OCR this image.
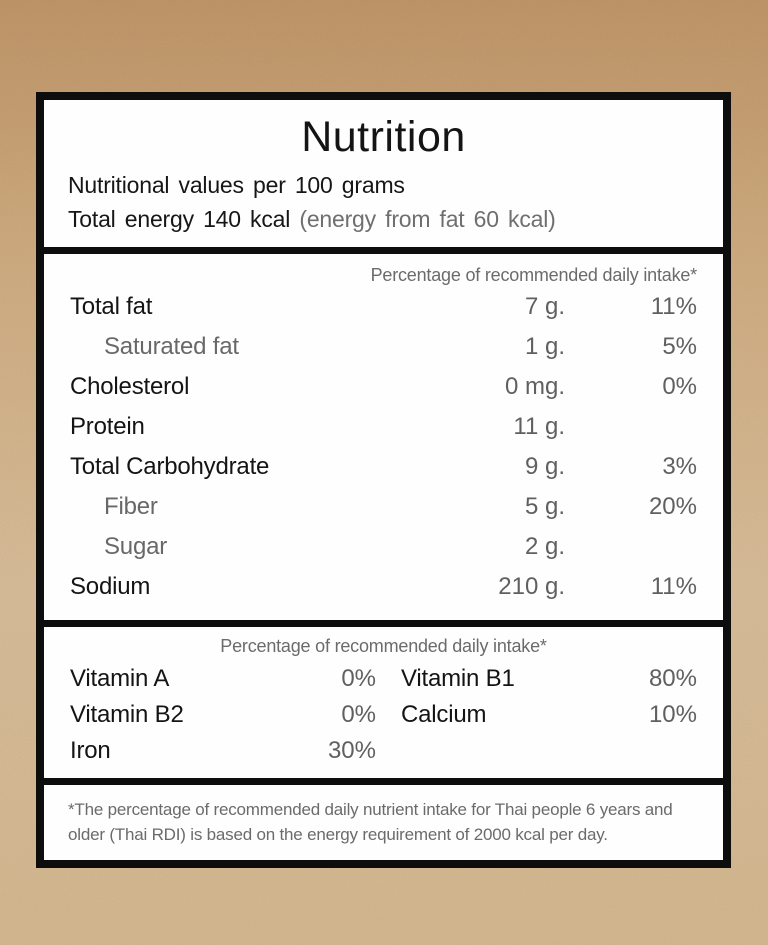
Nutrition
Nutritional values per 100 grams
Total energy 140 kcal (energy from fat 60 kcal)
Percentage of recommended daily intake*
Total fat	7 g.	11%
Saturated fat	1 g.	5%
Cholesterol	0 mg.	0%
Protein	11 g.
Total Carbohydrate	9 g.	3%
Fiber	5 g.	20%
Sugar	2 g.
Sodium	210 g.	11%
Percentage of recommended daily intake*
Vitamin A	0% Vitamin B1	80%
Vitamin B2	0% Calcium	10%
Iron	30%
*The percentage of recommended daily nutrient intake for Thai people 6 years and older (Thai RDI) is based on the energy requirement of 2000 kcal per day.
